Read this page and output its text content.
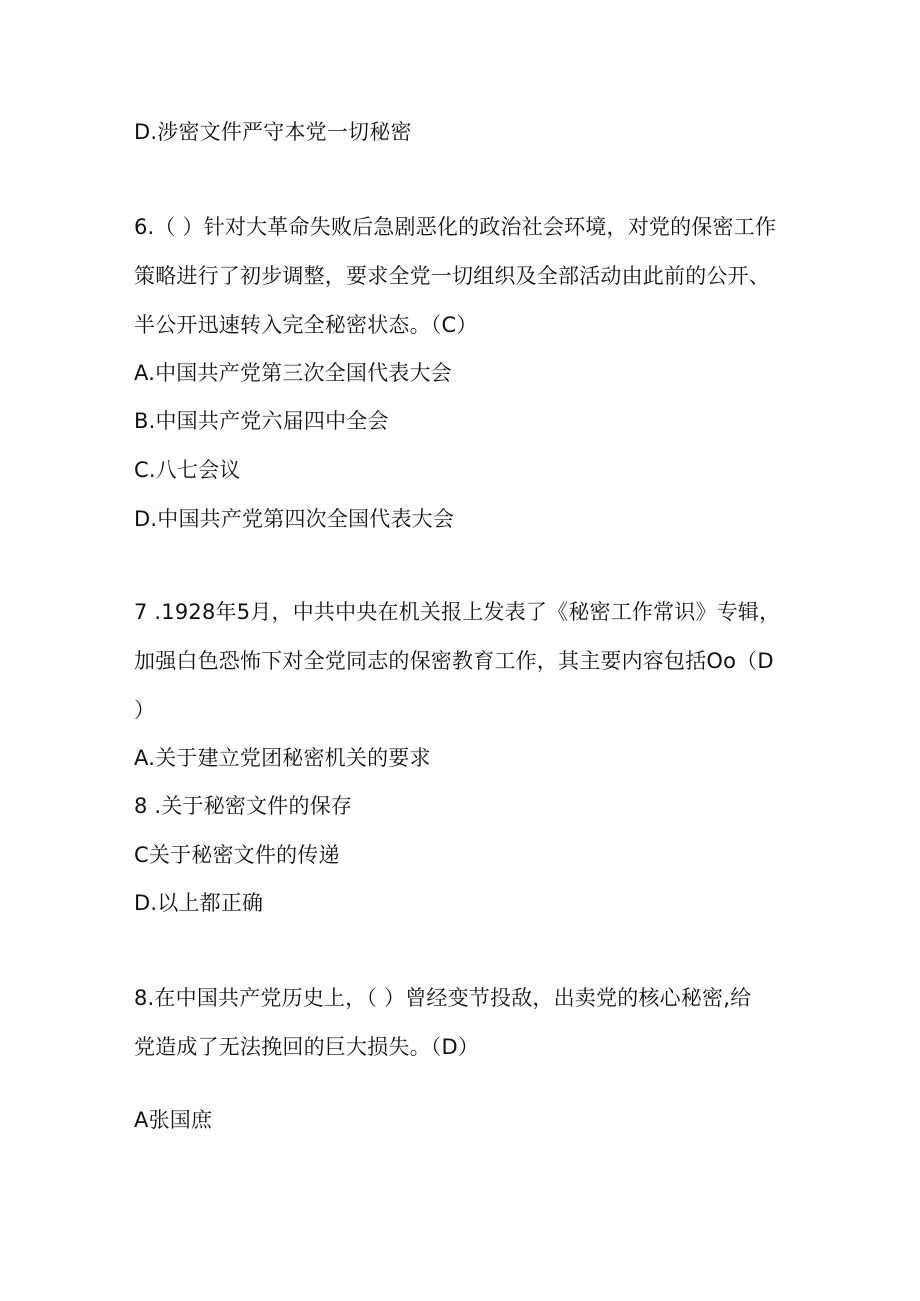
D.涉密文件严守本党一切秘密
6.（ ）针对大革命失败后急剧恶化的政治社会环境，对党的保密工作
策略进行了初步调整，要求全党一切组织及全部活动由此前的公开、
半公开迅速转入完全秘密状态。（C）
A.中国共产党第三次全国代表大会
B.中国共产党六届四中全会
C.八七会议
D.中国共产党第四次全国代表大会
7 .1928年5月，中共中央在机关报上发表了《秘密工作常识》专辑，
加强白色恐怖下对全党同志的保密教育工作，其主要内容包括Oo（D
）
A.关于建立党团秘密机关的要求
8 .关于秘密文件的保存
C关于秘密文件的传递
D.以上都正确
8.在中国共产党历史上，（ ）曾经变节投敌，出卖党的核心秘密,给
党造成了无法挽回的巨大损失。（D）
A张国庶
